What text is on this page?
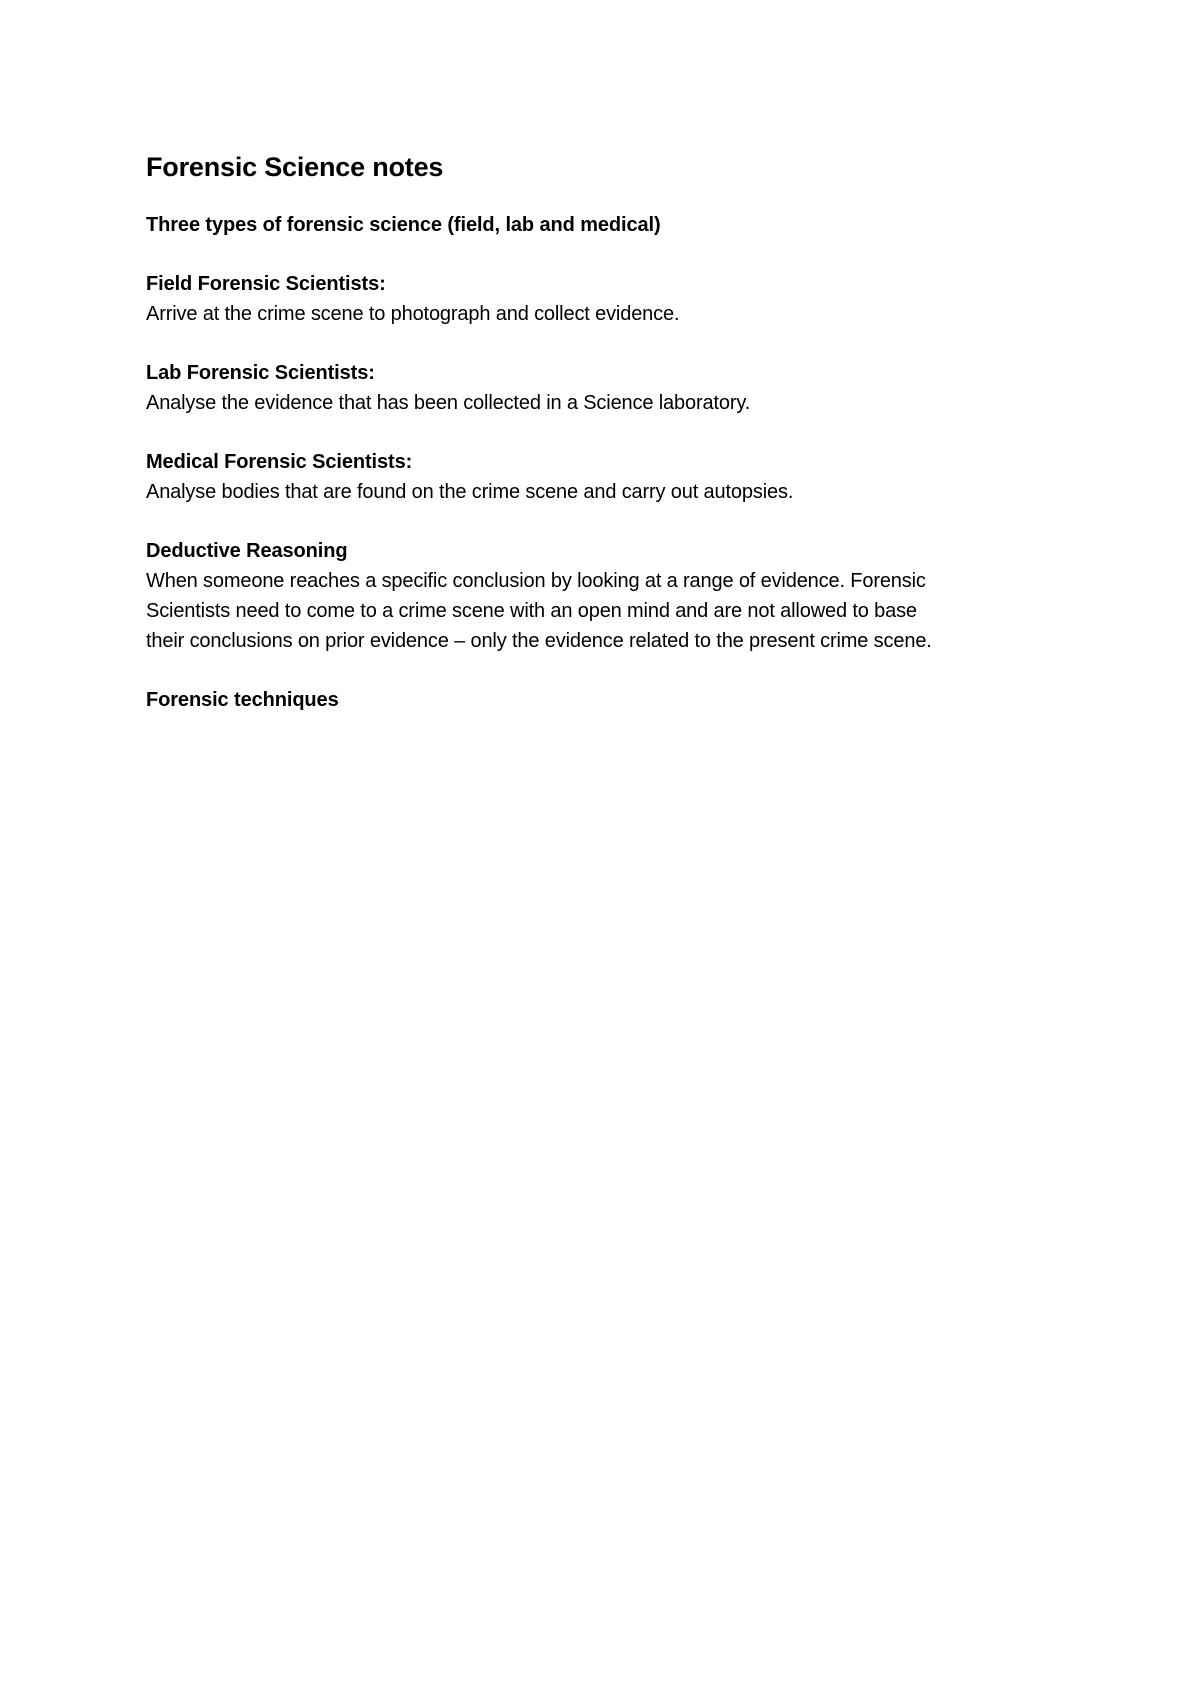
Forensic Science notes
Three types of forensic science (field, lab and medical)
Field Forensic Scientists:
Arrive at the crime scene to photograph and collect evidence.
Lab Forensic Scientists:
Analyse the evidence that has been collected in a Science laboratory.
Medical Forensic Scientists:
Analyse bodies that are found on the crime scene and carry out autopsies.
Deductive Reasoning
When someone reaches a specific conclusion by looking at a range of evidence. Forensic
Scientists need to come to a crime scene with an open mind and are not allowed to base
their conclusions on prior evidence – only the evidence related to the present crime scene.
Forensic techniques
